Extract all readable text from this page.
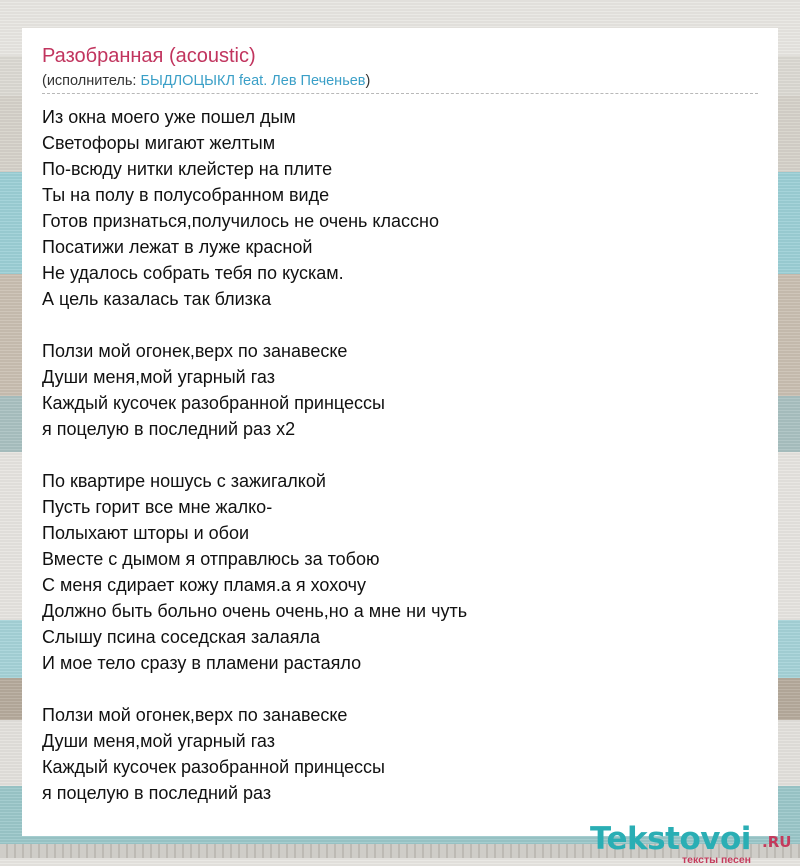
Разобранная (acoustic)
(исполнитель: БЫДЛОЦЫКЛ feat. Лев Печеньев)
Из окна моего уже пошел дым
Светофоры мигают желтым
По-всюду нитки клейстер на плите
Ты на полу в полусобранном виде
Готов признаться,получилось не очень классно
Посатижи лежат в луже красной
Не удалось собрать тебя по кускам.
А цель казалась так близка
Ползи мой огонек,верх по занавеске
Души меня,мой угарный газ
Каждый кусочек разобранной принцессы
я поцелую в последний раз x2
По квартире ношусь с зажигалкой
Пусть горит все мне жалко-
Полыхают шторы и обои
Вместе с дымом я отправлюсь за тобою
С меня сдирает кожу пламя.а я хохочу
Должно быть больно очень очень,но а мне ни чуть
Слышу псина соседская залаяла
И мое тело сразу в пламени растаяло
Ползи мой огонек,верх по занавеске
Души меня,мой угарный газ
Каждый кусочек разобранной принцессы
я поцелую в последний раз
Tekstovoi .RU
тексты песен
